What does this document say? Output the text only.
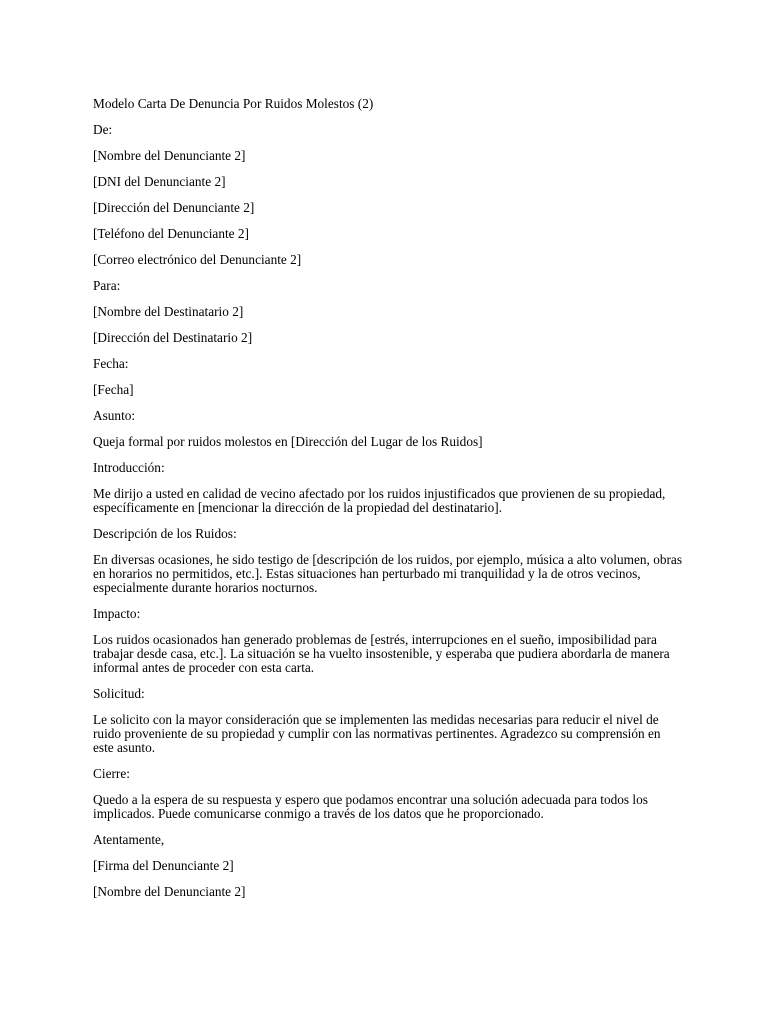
Modelo Carta De Denuncia Por Ruidos Molestos (2)

De:

[Nombre del Denunciante 2]

[DNI del Denunciante 2]

[Dirección del Denunciante 2]

[Teléfono del Denunciante 2]

[Correo electrónico del Denunciante 2]

Para:

[Nombre del Destinatario 2]

[Dirección del Destinatario 2]

Fecha:

[Fecha]

Asunto:

Queja formal por ruidos molestos en [Dirección del Lugar de los Ruidos]

Introducción:

Me dirijo a usted en calidad de vecino afectado por los ruidos injustificados que provienen de su propiedad, específicamente en [mencionar la dirección de la propiedad del destinatario].

Descripción de los Ruidos:

En diversas ocasiones, he sido testigo de [descripción de los ruidos, por ejemplo, música a alto volumen, obras en horarios no permitidos, etc.]. Estas situaciones han perturbado mi tranquilidad y la de otros vecinos, especialmente durante horarios nocturnos.

Impacto:

Los ruidos ocasionados han generado problemas de [estrés, interrupciones en el sueño, imposibilidad para trabajar desde casa, etc.]. La situación se ha vuelto insostenible, y esperaba que pudiera abordarla de manera informal antes de proceder con esta carta.

Solicitud:

Le solicito con la mayor consideración que se implementen las medidas necesarias para reducir el nivel de ruido proveniente de su propiedad y cumplir con las normativas pertinentes. Agradezco su comprensión en este asunto.

Cierre:

Quedo a la espera de su respuesta y espero que podamos encontrar una solución adecuada para todos los implicados. Puede comunicarse conmigo a través de los datos que he proporcionado.

Atentamente,

[Firma del Denunciante 2]

[Nombre del Denunciante 2]
